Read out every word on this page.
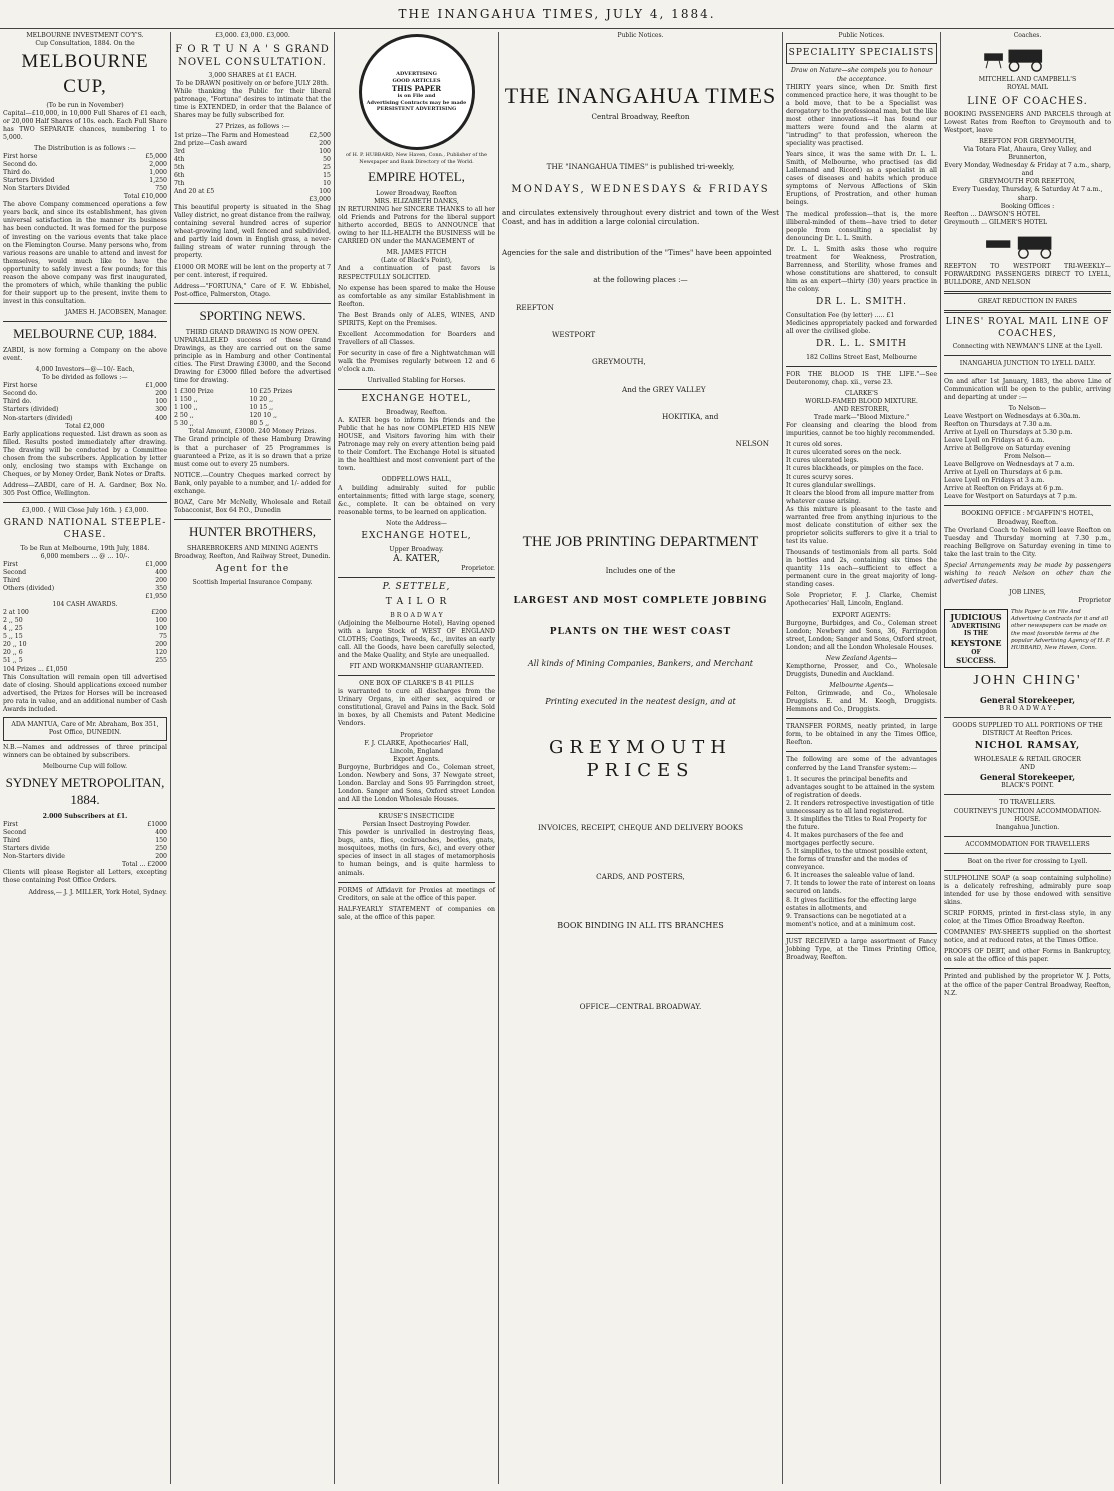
THE INANGAHUA TIMES, JULY 4, 1884.
MELBOURNE INVESTMENT CO'Y'S.
Cup Consultation, 1884. On the
MELBOURNE CUP,
(To be run in November)

Capital—£10,000, in 10,000 Full Shares of £1 each, or 20,000 Half Shares of 10s. each. Each Full Share has TWO SEPARATE chances, numbering 1 to 5,000.

The Distribution is as follows :—
First horse	£5,000
Second do.	2,000
Third do.	1,000
Starters Divided	1,250
Non Starters Divided	750
Total £10,000

The above Company commenced operations a few years back, and since its establishment, has given universal satisfaction in the manner its business has been conducted. It was formed for the purpose of investing on the various events that take place on the Flemington Course. Many persons who, from various reasons are unable to attend and invest for themselves, would much like to have the opportunity to safely invest a few pounds; for this reason the above company was first inaugurated, the promoters of which, while thanking the public for their support up to the present, invite them to invest in this consultation.

JAMES H. JACOBSEN, Manager.
MELBOURNE CUP, 1884.

ZABDI, is now forming a Company on the above event.

4,000 Investors—@—10/- Each,
To be divided as follows :—
First horse	£1,000
Second do.	200
Third do.	100
Starters (divided)	300
Non-starters (divided)	400
Total £2,000

Early applications requested. List drawn as soon as filled. Results posted immediately after drawing. The drawing will be conducted by a Committee chosen from the subscribers. Application by letter only, enclosing two stamps with Exchange on Cheques, or by Money Order, Bank Notes or Drafts.

Address—ZABDI, care of H. A. Gardner, Box No. 305 Post Office, Wellington.

£3,000. { Will Close July 16th. } £3,000.
GRAND NATIONAL STEEPLE-CHASE.
To be Run at Melbourne, 19th July, 1884.
6,000 members ... @ ... 10/-.
First	£1,000
Second	400
Third	200
Others (divided)	350
£1,950
104 CASH AWARDS.
2 at 100	£200
2 ,, 50	100
4 ,, 25	100
5 ,, 15	75
20 ,, 10	200
20 ,, 6	120
51 ,, 5	255
104 Prizes ... £1,050

This Consultation will remain open till advertised date of closing. Should applications exceed number advertised, the Prizes for Horses will be increased pro rata in value, and an additional number of Cash Awards included.

ADA MANTUA, Care of Mr. Abraham, Box 351, Post Office, DUNEDIN.

N.B.—Names and addresses of three principal winners can be obtained by subscribers.

Melbourne Cup will follow.
SYDNEY METROPOLITAN, 1884.
2.000 Subscribers at £1.
First	£1000
Second	400
Third	150
Starters divide	250
Non-Starters divide	200
Total ... £2000

Clients will please Register all Letters, excepting those containing Post Office Orders.

Address,— J. J. MILLER, York Hotel, Sydney.

£3,000. £3,000. £3,000.
F O R T U N A ' S GRAND NOVEL CONSULTATION.
3,000 SHARES at £1 EACH.
To be DRAWN positively on or before JULY 28th.

While thanking the Public for their liberal patronage, "Fortuna" desires to intimate that the time is EXTENDED, in order that the Balance of Shares may be fully subscribed for.

27 Prizes, as follows :—
1st prize—The Farm and Homestead	£2,500
2nd prize—Cash award	200
3rd	100
4th	50
5th	25
6th	15
7th	10
And 20 at £5	100
£3,000

This beautiful property is situated in the Shag Valley district, no great distance from the railway, containing several hundred acres of superior wheat-growing land, well fenced and subdivided, and partly laid down in English grass, a never-failing stream of water running through the property.

£1000 OR MORE will be lent on the property at 7 per cent. interest, if required.

Address—"FORTUNA," Care of F. W. Ebbishel, Post-office, Palmerston, Otago.

SPORTING NEWS.
THIRD GRAND DRAWING IS NOW OPEN.

UNPARALLELED success of these Grand Drawings, as they are carried out on the same principle as in Hamburg and other Continental cities. The First Drawing £3000, and the Second Drawing for £3000 filled before the advertised time for drawing.

1 £300 Prize	10 £25 Prizes
1 150 ,,	10 20 ,,
1 100 ,,	10 15 ,,
2 50 ,,	120 10 ,,
5 30 ,,	80 5 ,,
Total Amount, £3000. 240 Money Prizes.

The Grand principle of these Hamburg Drawing is that a purchaser of 25 Programmes is guaranteed a Prize, as it is so drawn that a prize must come out to every 25 numbers.

NOTICE.—Country Cheques marked correct by Bank, only payable to a number, and 1/- added for exchange.

BOAZ, Care Mr McNelly, Wholesale and Retail Tobacconist, Box 64 P.O., Dunedin

HUNTER BROTHERS,
SHAREBROKERS AND MINING AGENTS
Broadway, Reefton, And Railway Street, Dunedin.
Agent for the
Scottish Imperial Insurance Company.
ADVERTISING
GOOD ARTICLES
THIS PAPER
is on File and
Advertising Contracts may be made
PERSISTENT ADVERTISING
of H. P. HUBBARD, New Haven, Conn., Publisher of the Newspaper and Bank Directory of the World.
EMPIRE HOTEL,
Lower Broadway, Reefton
MRS. ELIZABETH DANKS,

IN RETURNING her SINCERE THANKS to all her old Friends and Patrons for the liberal support hitherto accorded, BEGS to ANNOUNCE that owing to her ILL-HEALTH the BUSINESS will be CARRIED ON under the MANAGEMENT of

MR. JAMES FITCH
(Late of Black's Point),

And a continuation of past favors is RESPECTFULLY SOLICITED.

No expense has been spared to make the House as comfortable as any similar Establishment in Reefton.

The Best Brands only of ALES, WINES, AND SPIRITS, Kept on the Premises.

Excellent Accommodation for Boarders and Travellers of all Classes.

For security in case of fire a Nightwatchman will walk the Premises regularly between 12 and 6 o'clock a.m.

Unrivalled Stabling for Horses.
EXCHANGE HOTEL,
Broadway, Reefton.

A. KATER begs to inform his friends and the Public that he has now COMPLETED HIS NEW HOUSE, and Visitors favoring him with their Patronage may rely on every attention being paid to their Comfort. The Exchange Hotel is situated in the healthiest and most convenient part of the town.

ODDFELLOWS HALL,

A building admirably suited for public entertainments; fitted with large stage, scenery, &c., complete. It can be obtained on very reasonable terms, to be learned on application.

Note the Address—
EXCHANGE HOTEL,
Upper Broadway.
A. KATER,
Proprietor.
P. SETTELE,
T A I L O R
B R O A D W A Y

(Adjoining the Melbourne Hotel), Having opened with a large Stock of WEST OF ENGLAND CLOTHS; Coatings, Tweeds, &c., invites an early call. All the Goods, have been carefully selected, and the Make Quality, and Style are unequalled.

FIT AND WORKMANSHIP GUARANTEED.
ONE BOX OF CLARKE'S B 41 PILLS

is warranted to cure all discharges from the Urinary Organs, in either sex, acquired or constitutional, Gravel and Pains in the Back. Sold in boxes, by all Chemists and Patent Medicine Vendors.

Proprietor
F. J. CLARKE, Apothecaries' Hall,
Lincoln, England
Export Agents.

Burgoyne, Burbridges and Co., Coleman street, London. Newbery and Sons, 37 Newgate street, London. Barclay and Sons 95 Farringdon street, London. Sanger and Sons, Oxford street London and All the London Wholesale Houses.

KRUSE'S INSECTICIDE
Persian Insect Destroying Powder.

This powder is unrivalled in destroying fleas, bugs, ants, flies, cockroaches, beetles, gnats, mosquitoes, moths (in furs, &c), and every other species of insect in all stages of metamorphosis to human beings, and is quite harmless to animals.

FORMS of Affidavit for Proxies at meetings of Creditors, on sale at the office of this paper.

HALF-YEARLY STATEMENT of companies on sale, at the office of this paper.

Public Notices.
THE INANGAHUA TIMES
Central Broadway, Reefton
THE "INANGAHUA TIMES" is published tri-weekly,
MONDAYS, WEDNESDAYS & FRIDAYS

and circulates extensively throughout every district and town of the West Coast, and has in addition a large colonial circulation.

Agencies for the sale and distribution of the "Times" have been appointed
at the following places :—
REEFTON
WESTPORT
GREYMOUTH,
And the GREY VALLEY
HOKITIKA, and
NELSON
THE JOB PRINTING DEPARTMENT
Includes one of the
LARGEST AND MOST COMPLETE JOBBING
PLANTS ON THE WEST COAST
All kinds of Mining Companies, Bankers, and Merchant
Printing executed in the neatest design, and at
GREYMOUTH PRICES
INVOICES, RECEIPT, CHEQUE AND DELIVERY BOOKS
CARDS, AND POSTERS,
BOOK BINDING IN ALL ITS BRANCHES
OFFICE—CENTRAL BROADWAY.
Public Notices.
SPECIALITY SPECIALISTS
Draw on Nature—she compels you to honour the acceptance.

THIRTY years since, when Dr. Smith first commenced practice here, it was thought to be a bold move, that to be a Specialist was derogatory to the professional man, but the like most other innovations—it has found our matters were found and the alarm at "intruding" to that profession, whereon the speciality was practised.

Years since, it was the same with Dr. L. L. Smith, of Melbourne, who practised (as did Lallemand and Ricord) as a specialist in all cases of diseases and habits which produce symptoms of Nervous Affections of Skin Eruptions, of Prostration, and other human beings.

The medical profession—that is, the more illiberal-minded of them—have tried to deter people from consulting a specialist by denouncing Dr. L. L. Smith.

Dr. L. L. Smith asks those who require treatment for Weakness, Prostration, Barrenness, and Sterility, whose frames and whose constitutions are shattered, to consult him as an expert—thirty (30) years practice in the colony.

DR L. L. SMITH.
Consultation Fee (by letter) ..... £1

Medicines appropriately packed and forwarded all over the civilised globe.

DR. L. L. SMITH
182 Collins Street East, Melbourne

FOR THE BLOOD IS THE LIFE."—See Deuteronomy, chap. xii., verse 23.

CLARKE'S
WORLD-FAMED BLOOD MIXTURE.
AND RESTORER,
Trade mark—"Blood Mixture."

For cleansing and clearing the blood from impurities, cannot be too highly recommended.

It cures old sores.
It cures ulcerated sores on the neck.
It cures ulcerated legs.
It cures blackheads, or pimples on the face.
It cures scurvy sores.
It cures glandular swellings.
It clears the blood from all impure matter from whatever cause arising.

As this mixture is pleasant to the taste and warranted free from anything injurious to the most delicate constitution of either sex the proprietor solicits sufferers to give it a trial to test its value.

Thousands of testimonials from all parts. Sold in bottles and 2s, containing six times the quantity 11s each—sufficient to effect a permanent cure in the great majority of long-standing cases.

Sole Proprietor, F. J. Clarke, Chemist Apothecaries' Hall, Lincoln, England.

EXPORT AGENTS:

Burgoyne, Burbidges, and Co., Coleman street London; Newbery and Sons, 36, Farringdon street, London; Sanger and Sons, Oxford street, London; and all the London Wholesale Houses.

New Zealand Agents—

Kempthorne, Prosser, and Co., Wholesale Druggists, Dunedin and Auckland.

Melbourne Agents—

Felton, Grimwade, and Co., Wholesale Druggists. E. and M. Keogh, Druggists. Hemmons and Co., Druggists.

TRANSFER FORMS, neatly printed, in large form, to be obtained in any the Times Office, Reefton.

The following are some of the advantages conferred by the Land Transfer system:—

1. It secures the principal benefits and advantages sought to be attained in the system of registration of deeds.
2. It renders retrospective investigation of title unnecessary as to all land registered.
3. It simplifies the Titles to Real Property for the future.
4. It makes purchasers of the fee and mortgages perfectly secure.
5. It simplifies, to the utmost possible extent, the forms of transfer and the modes of conveyance.
6. It increases the saleable value of land.
7. It tends to lower the rate of interest on loans secured on lands.
8. It gives facilities for the effecting large estates in allotments, and
9. Transactions can be negotiated at a moment's notice, and at a minimum cost.

JUST RECEIVED a large assortment of Fancy Jobbing Type, at the Times Printing Office, Broadway, Reefton.

Coaches.
MITCHELL AND CAMPBELL'S
ROYAL MAIL
LINE OF COACHES.

BOOKING PASSENGERS AND PARCELS through at Lowest Rates from Reefton to Greymouth and to Westport, leave

REEFTON FOR GREYMOUTH,
Via Totara Flat, Ahaura, Grey Valley, and Brunnerton,
Every Monday, Wednesday & Friday at 7 a.m., sharp, and
GREYMOUTH FOR REEFTON,
Every Tuesday, Thursday, & Saturday At 7 a.m., sharp.
Booking Offices :
Reefton ... DAWSON'S HOTEL
Greymouth ... GILMER'S HOTEL

REEFTON TO WESTPORT TRI-WEEKLY—FORWARDING PASSENGERS DIRECT TO LYELL, BULLDORE, AND NELSON

GREAT REDUCTION IN FARES
LINES' ROYAL MAIL LINE OF COACHES,
Connecting with NEWMAN'S LINE at the Lyell.
INANGAHUA JUNCTION TO LYELL DAILY.

On and after 1st January, 1883, the above Line of Communication will be open to the public, arriving and departing at under :—

To Nelson—
Leave Westport on Wednesdays at 6.30a.m.
Reefton on Thursdays at 7.30 a.m.
Arrive at Lyell on Thursdays at 5.30 p.m.
Leave Lyell on Fridays at 6 a.m.
Arrive at Bellgrove on Saturday evening
From Nelson—
Leave Bellgrove on Wednesdays at 7 a.m.
Arrive at Lyell on Thursdays at 6 p.m.
Leave Lyell on Fridays at 3 a.m.
Arrive at Reefton on Fridays at 6 p.m.
Leave for Westport on Saturdays at 7 p.m.
BOOKING OFFICE : M'GAFFIN'S HOTEL,
Broadway, Reefton.

The Overland Coach to Nelson will leave Reefton on Tuesday and Thursday morning at 7.30 p.m., reaching Bellgrove on Saturday evening in time to take the last train to the City.

Special Arrangements may be made by passengers wishing to reach Nelson on other than the advertised dates.

JOB LINES,
Proprietor
JUDICIOUS
ADVERTISING
IS THE
KEYSTONE
OF
SUCCESS.
This Paper is on File And Advertising Contracts for it and all other newspapers can be made on the most favorable terms at the popular Advertising Agency of H. P. HUBBARD, New Haven, Conn.
JOHN CHING'
General Storekeeper,
B R O A D W A Y .
GOODS SUPPLIED TO ALL PORTIONS OF THE DISTRICT At Reefton Prices.
NICHOL RAMSAY,
WHOLESALE & RETAIL GROCER
AND
General Storekeeper,
BLACK'S POINT.
TO TRAVELLERS.
COURTNEY'S JUNCTION ACCOMMODATION-HOUSE.
Inangahua Junction.
ACCOMMODATION FOR TRAVELLERS
Boat on the river for crossing to Lyell.

SULPHOLINE SOAP (a soap containing sulpholine) is a delicately refreshing, admirably pure soap intended for use by those endowed with sensitive skins.

SCRIP FORMS, printed in first-class style, in any color, at the Times Office Broadway Reefton.

COMPANIES' PAY-SHEETS supplied on the shortest notice, and at reduced rates, at the Times Office.

PROOFS OF DEBT, and other Forms in Bankruptcy, on sale at the office of this paper.

Printed and published by the proprietor W. J. Potts, at the office of the paper Central Broadway, Reefton, N.Z.
